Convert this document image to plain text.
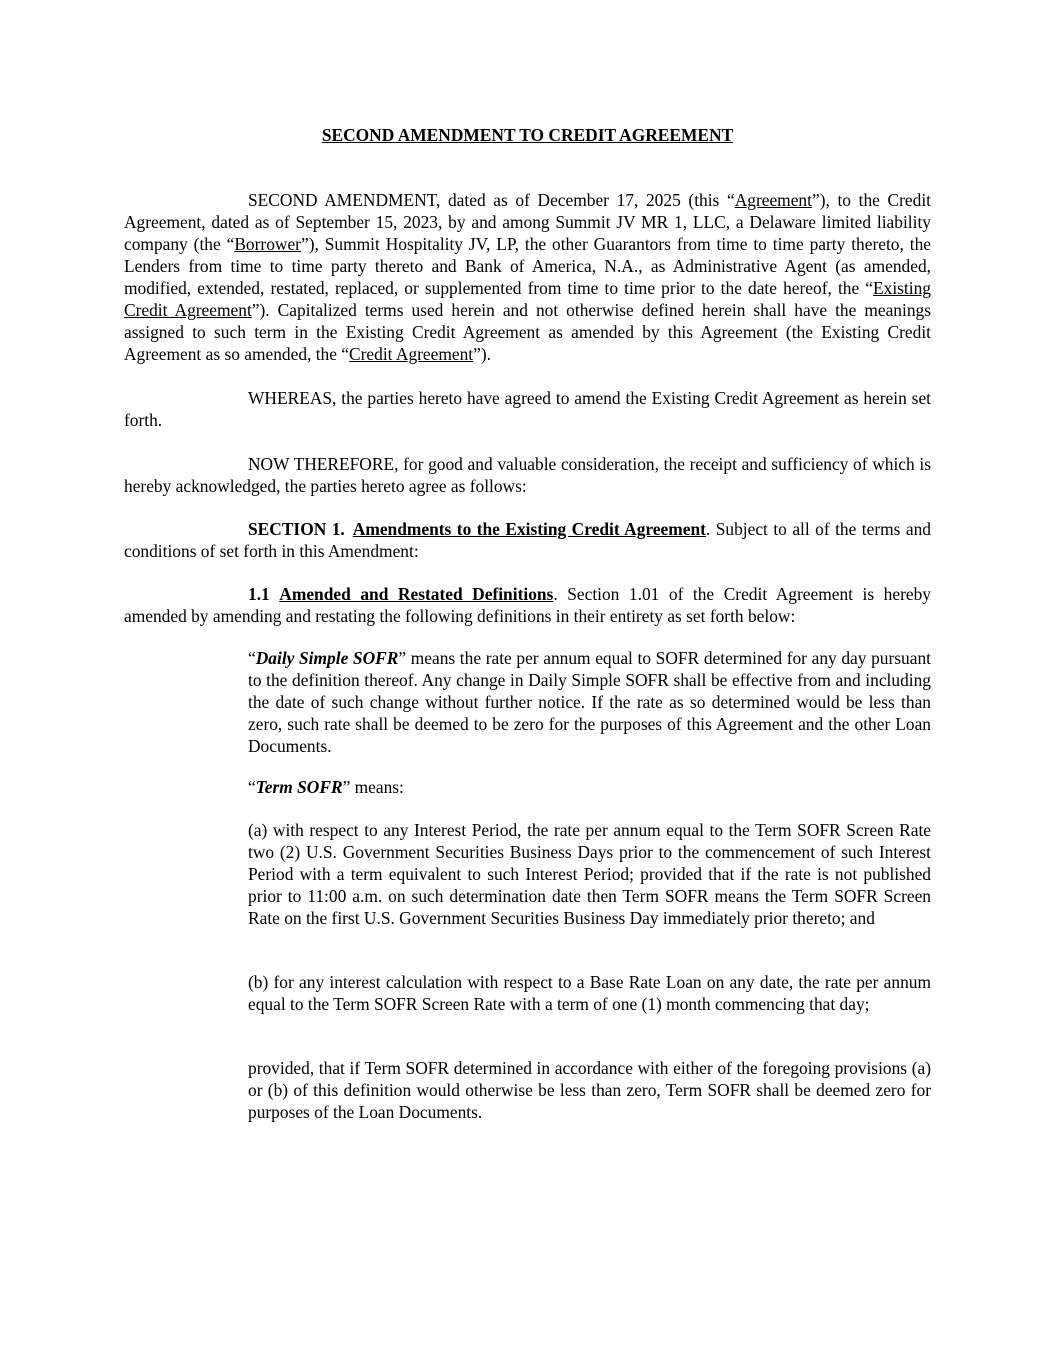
SECOND AMENDMENT TO CREDIT AGREEMENT

SECOND AMENDMENT, dated as of December 17, 2025 (this “Agreement”), to the Credit Agreement, dated as of September 15, 2023, by and among Summit JV MR 1, LLC, a Delaware limited liability company (the “Borrower”), Summit Hospitality JV, LP, the other Guarantors from time to time party thereto, the Lenders from time to time party thereto and Bank of America, N.A., as Administrative Agent (as amended, modified, extended, restated, replaced, or supplemented from time to time prior to the date hereof, the “Existing Credit Agreement”). Capitalized terms used herein and not otherwise defined herein shall have the meanings assigned to such term in the Existing Credit Agreement as amended by this Agreement (the Existing Credit Agreement as so amended, the “Credit Agreement”).

WHEREAS, the parties hereto have agreed to amend the Existing Credit Agreement as herein set forth.

NOW THEREFORE, for good and valuable consideration, the receipt and sufficiency of which is hereby acknowledged, the parties hereto agree as follows:

SECTION 1. Amendments to the Existing Credit Agreement. Subject to all of the terms and conditions of set forth in this Amendment:

1.1 Amended and Restated Definitions. Section 1.01 of the Credit Agreement is hereby amended by amending and restating the following definitions in their entirety as set forth below:

“Daily Simple SOFR” means the rate per annum equal to SOFR determined for any day pursuant to the definition thereof. Any change in Daily Simple SOFR shall be effective from and including the date of such change without further notice. If the rate as so determined would be less than zero, such rate shall be deemed to be zero for the purposes of this Agreement and the other Loan Documents.

“Term SOFR” means:

(a) with respect to any Interest Period, the rate per annum equal to the Term SOFR Screen Rate two (2) U.S. Government Securities Business Days prior to the commencement of such Interest Period with a term equivalent to such Interest Period; provided that if the rate is not published prior to 11:00 a.m. on such determination date then Term SOFR means the Term SOFR Screen Rate on the first U.S. Government Securities Business Day immediately prior thereto; and

(b) for any interest calculation with respect to a Base Rate Loan on any date, the rate per annum equal to the Term SOFR Screen Rate with a term of one (1) month commencing that day;

provided, that if Term SOFR determined in accordance with either of the foregoing provisions (a) or (b) of this definition would otherwise be less than zero, Term SOFR shall be deemed zero for purposes of the Loan Documents.
